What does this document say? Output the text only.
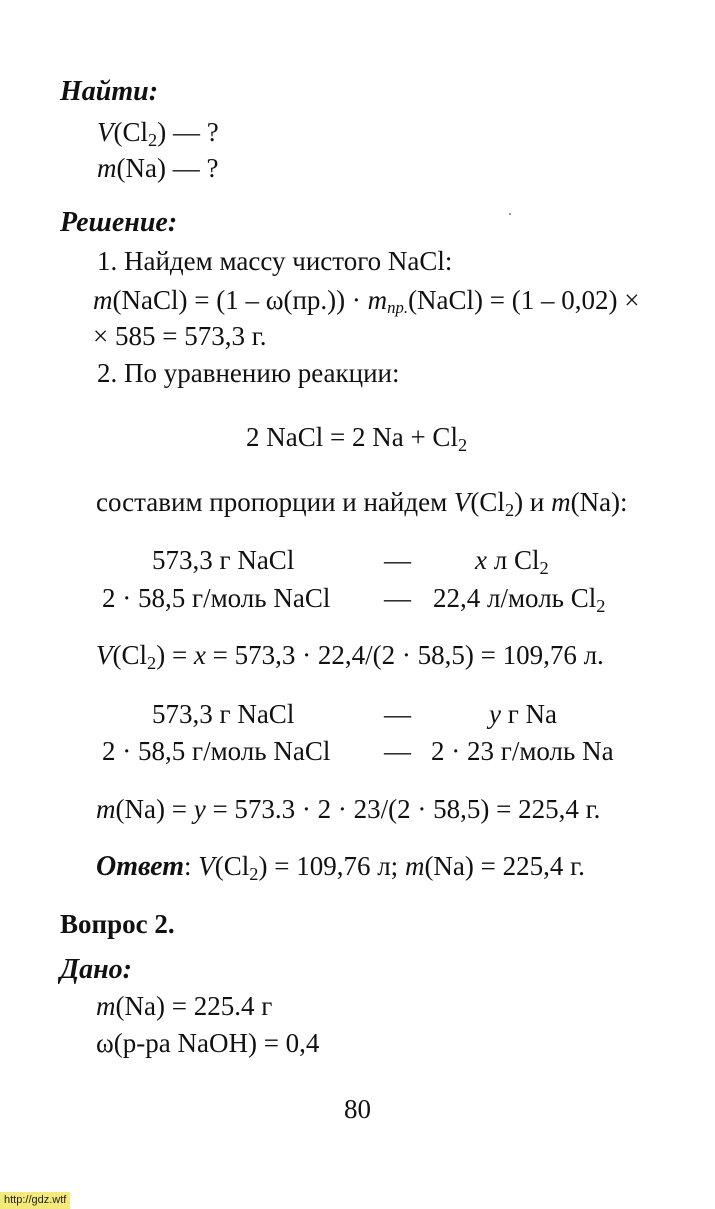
Найти:
$V(Cl_2)$ — ?
m(Na) — ?
Решение:
1. Найдем массу чистого NaCl:
m(NaCl) = $(1 - \omega(пр.)) \cdot m_{пр.}(NaCl) = (1 - 0,02)$ ×
× 585 = 573,3 г.
2. По уравнению реакции:
2 NaCl = 2 $Na + Cl_2$
составим пропорции и найдем $V(Cl_2)$ и m(Na):
573,3 г NaCl	— x л $Cl_2$
2 · 58,5 г/моль NaCl — 22,4 л/моль $Cl_2$
$V(Cl_2) = x = 573,3 \cdot 22,4/(2 \cdot 58,5) = 109,76$ л.
573,3 г NaCl	—	y г Na
2 · 58,5 г/моль NaCl — 2 · 23 г/моль Na
m(Na) = y = 573.3 · 2 · 23/(2 · 58,5) = 225,4 г.
Ответ: $V(Cl_2) = 109,76$ л; m(Na) = 225,4 г.
Вопрос 2.
Дано:
m(Na) = 225.4 г
ω(р-ра NaOH) = 0,4
80
http://gdz.wtf
